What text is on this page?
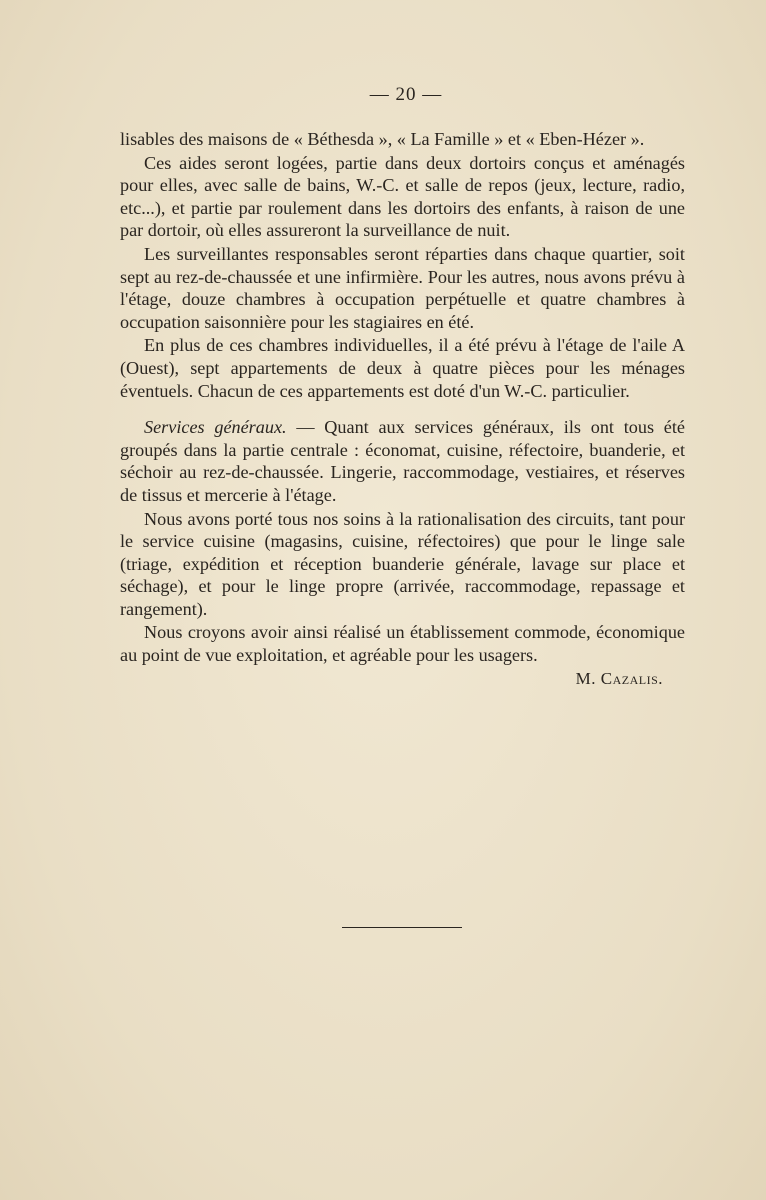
— 20 —

lisables des maisons de « Béthesda », « La Famille » et « Eben-Hézer ».

Ces aides seront logées, partie dans deux dortoirs conçus et aménagés pour elles, avec salle de bains, W.-C. et salle de repos (jeux, lecture, radio, etc...), et partie par roulement dans les dortoirs des enfants, à raison de une par dortoir, où elles assureront la surveillance de nuit.

Les surveillantes responsables seront réparties dans chaque quartier, soit sept au rez-de-chaussée et une infirmière. Pour les autres, nous avons prévu à l'étage, douze chambres à occupation perpétuelle et quatre chambres à occupation saisonnière pour les stagiaires en été.

En plus de ces chambres individuelles, il a été prévu à l'étage de l'aile A (Ouest), sept appartements de deux à quatre pièces pour les ménages éventuels. Chacun de ces appartements est doté d'un W.-C. particulier.

Services généraux. — Quant aux services généraux, ils ont tous été groupés dans la partie centrale : économat, cuisine, réfectoire, buanderie, et séchoir au rez-de-chaussée. Lingerie, raccommodage, vestiaires, et réserves de tissus et mercerie à l'étage.

Nous avons porté tous nos soins à la rationalisation des circuits, tant pour le service cuisine (magasins, cuisine, réfectoires) que pour le linge sale (triage, expédition et réception buanderie générale, lavage sur place et séchage), et pour le linge propre (arrivée, raccommodage, repassage et rangement).

Nous croyons avoir ainsi réalisé un établissement commode, économique au point de vue exploitation, et agréable pour les usagers.

M. Cazalis.
